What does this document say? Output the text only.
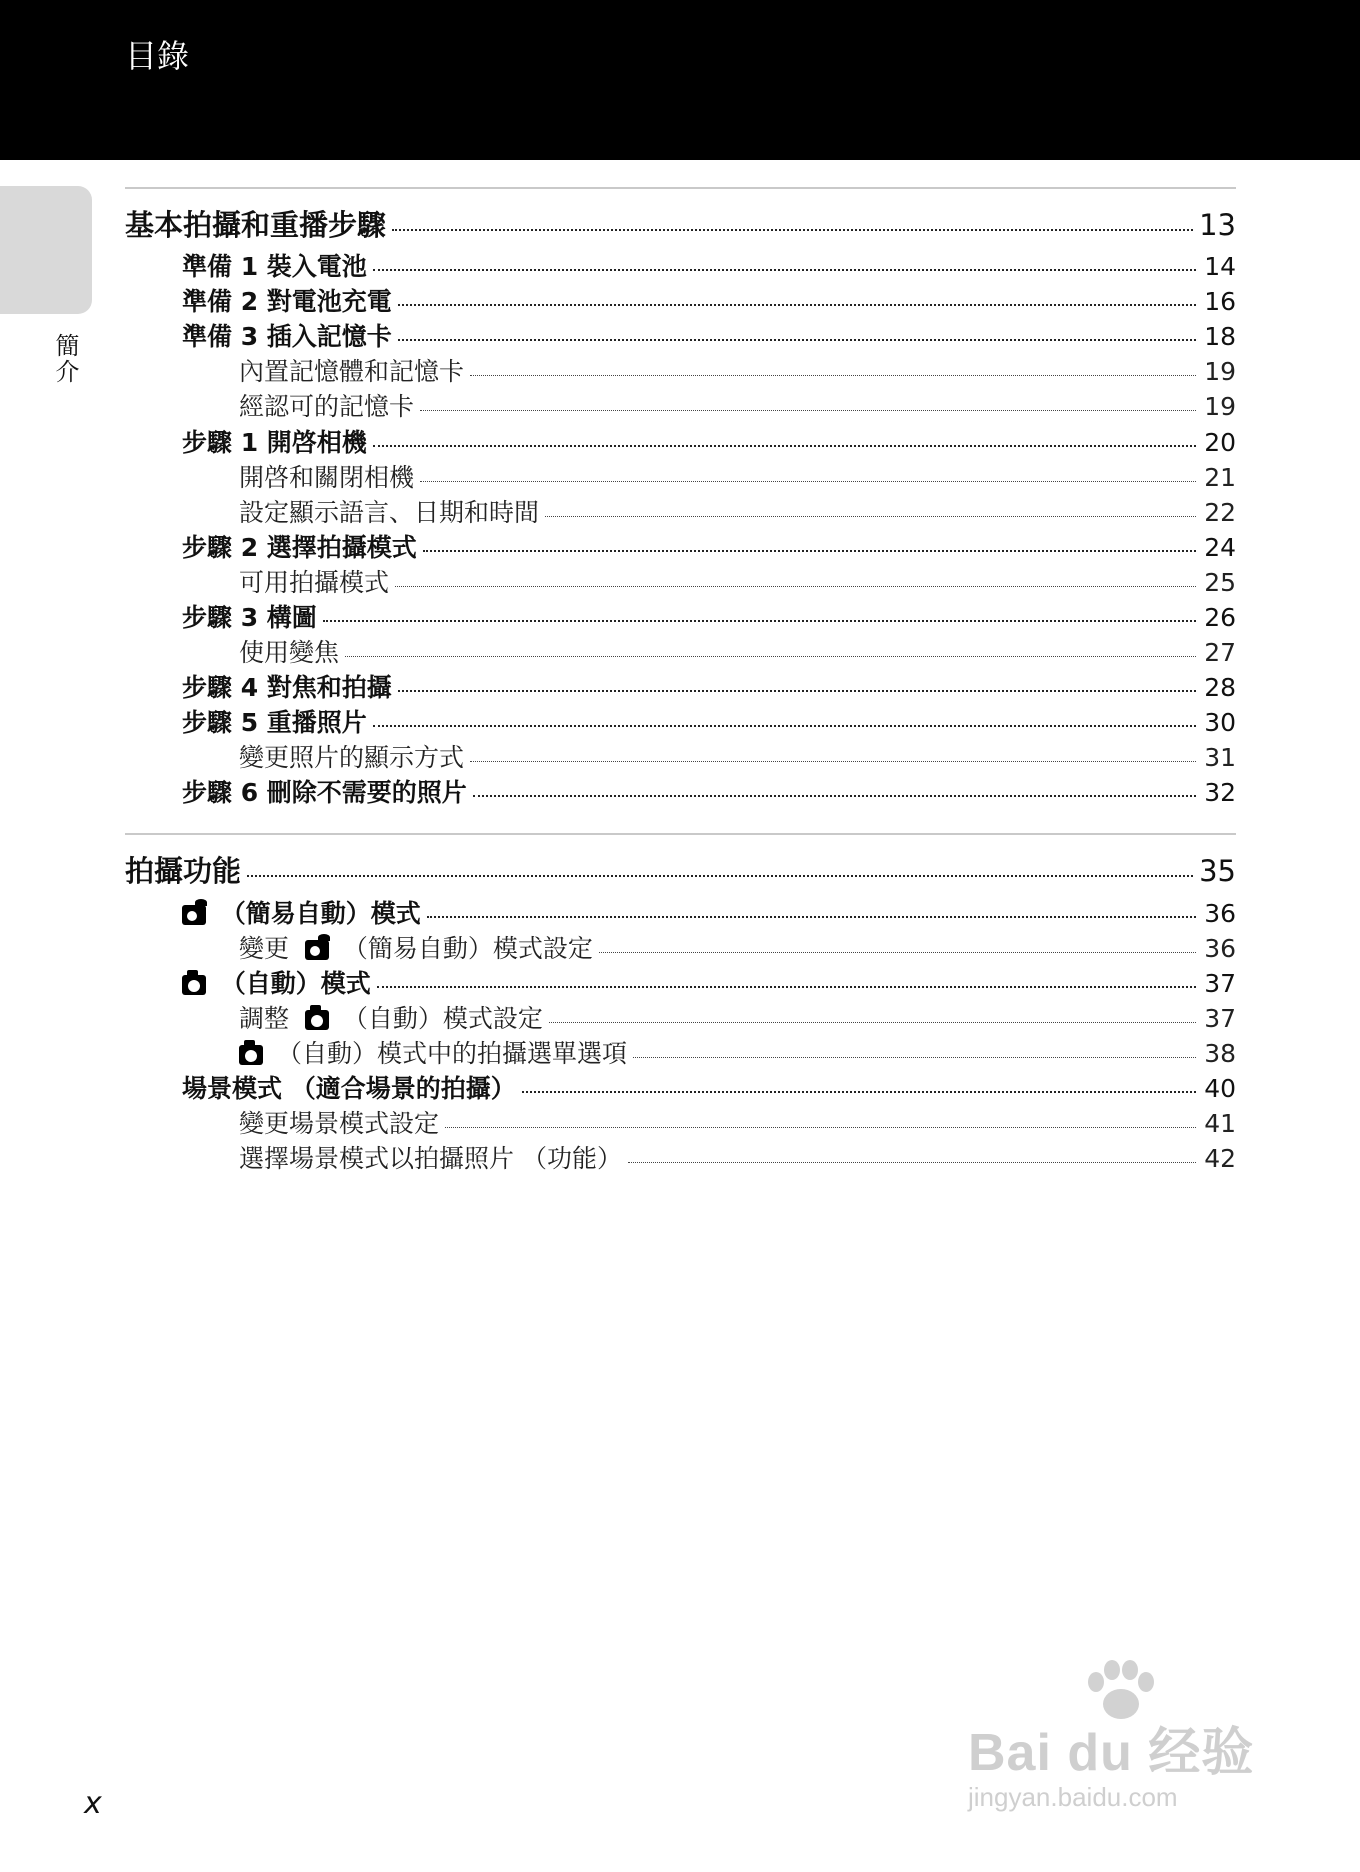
目錄
簡介
基本拍攝和重播步驟	13
準備 1 裝入電池	14
準備 2 對電池充電	16
準備 3 插入記憶卡	18
內置記憶體和記憶卡	19
經認可的記憶卡	19
步驟 1 開啓相機	20
開啓和關閉相機	21
設定顯示語言、日期和時間	22
步驟 2 選擇拍攝模式	24
可用拍攝模式	25
步驟 3 構圖	26
使用變焦	27
步驟 4 對焦和拍攝	28
步驟 5 重播照片	30
變更照片的顯示方式	31
步驟 6 刪除不需要的照片	32
拍攝功能	35
（簡易自動）模式	36
變更 （簡易自動）模式設定	36
（自動）模式	37
調整 （自動）模式設定	37
（自動）模式中的拍攝選單選項	38
場景模式 （適合場景的拍攝）	40
變更場景模式設定	41
選擇場景模式以拍攝照片 （功能）	42
x
Bai du 经验
jingyan.baidu.com
